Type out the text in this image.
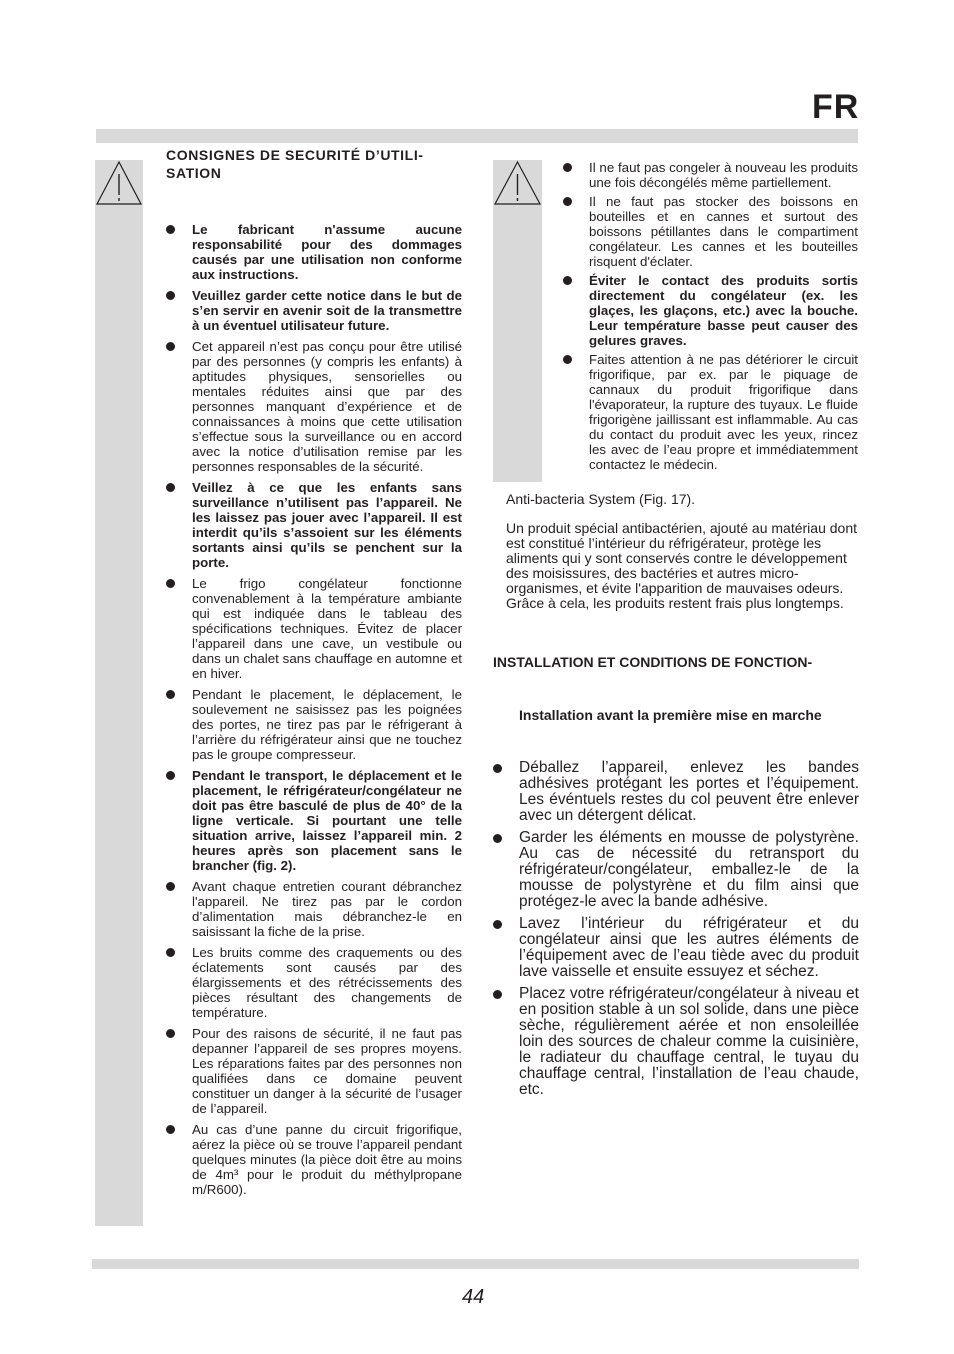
FR
CONSIGNES DE SECURITÉ D’UTILI-SATION
Le fabricant n'assume aucune responsabilité pour des dommages causés par une utilisation non conforme aux instructions.
Veuillez garder cette notice dans le but de s’en servir en avenir soit de la transmettre à un éventuel utilisateur future.
Cet appareil n’est pas conçu pour être utilisé par des personnes (y compris les enfants) à aptitudes physiques, sensorielles ou mentales réduites ainsi que par des personnes manquant d’expérience et de connaissances à moins que cette utilisation s’effectue sous la surveillance ou en accord avec la notice d’utilisation remise par les personnes responsables de la sécurité.
Veillez à ce que les enfants sans surveillance n’utilisent pas l’appareil. Ne les laissez pas jouer avec l’appareil. Il est interdit qu’ils s’assoient sur les éléments sortants ainsi qu’ils se penchent sur la porte.
Le frigo congélateur fonctionne convenablement à la température ambiante qui est indiquée dans le tableau des spécifications techniques. Évitez de placer l’appareil dans une cave, un vestibule ou dans un chalet sans chauffage en automne et en hiver.
Pendant le placement, le déplacement, le soulevement ne saisissez pas les poignées des portes, ne tirez pas par le réfrigerant à l’arrière du réfrigérateur ainsi que ne touchez pas le groupe compresseur.
Pendant le transport, le déplacement et le placement, le réfrigérateur/congélateur ne doit pas être basculé de plus de 40° de la ligne verticale. Si pourtant une telle situation arrive, laissez l’appareil min. 2 heures après son placement sans le brancher (fig. 2).
Avant chaque entretien courant débranchez l'appareil. Ne tirez pas par le cordon d’alimentation mais débranchez-le en saisissant la fiche de la prise.
Les bruits comme des craquements ou des éclatements sont causés par des élargissements et des rétrécissements des pièces résultant des changements de température.
Pour des raisons de sécurité, il ne faut pas depanner l’appareil de ses propres moyens. Les réparations faites par des personnes non qualifiées dans ce domaine peuvent constituer un danger à la sécurité de l’usager de l’appareil.
Au cas d’une panne du circuit frigorifique, aérez la pièce où se trouve l’appareil pendant quelques minutes (la pièce doit être au moins de 4m³ pour le produit du méthylpropane m/R600).
Il ne faut pas congeler à nouveau les produits une fois décongélés même partiellement.
Il ne faut pas stocker des boissons en bouteilles et en cannes et surtout des boissons pétillantes dans le compartiment congélateur. Les cannes et les bouteilles risquent d'éclater.
Éviter le contact des produits sortis directement du congélateur (ex. les glaçes, les glaçons, etc.) avec la bouche. Leur température basse peut causer des gelures graves.
Faites attention à ne pas détériorer le circuit frigorifique, par ex. par le piquage de cannaux du produit frigorifique dans l'évaporateur, la rupture des tuyaux. Le fluide frigorigène jaillissant est inflammable. Au cas du contact du produit avec les yeux, rincez les avec de l’eau propre et immédiatemment contactez le médecin.
Anti-bacteria System (Fig. 17).
Un produit spécial antibactérien, ajouté au matériau dont est constitué l’intérieur du réfrigérateur, protège les aliments qui y sont conservés contre le développement des moisissures, des bactéries et autres micro-organismes, et évite l'apparition de mauvaises odeurs. Grâce à cela, les produits restent frais plus longtemps.
INSTALLATION ET CONDITIONS DE FONCTION-
Installation avant la première mise en marche
Déballez l’appareil, enlevez les bandes adhésives protégant les portes et l’équipement. Les événtuels restes du col peuvent être enlever avec un détergent délicat.
Garder les éléments en mousse de polystyrène. Au cas de nécessité du retransport du réfrigérateur/congélateur, emballez-le de la mousse de polystyrène et du film ainsi que protégez-le avec la bande adhésive.
Lavez l’intérieur du réfrigérateur et du congélateur ainsi que les autres éléments de l’équipement avec de l’eau tiède avec du produit lave vaisselle et ensuite essuyez et séchez.
Placez votre réfrigérateur/congélateur à niveau et en position stable à un sol solide, dans une pièce sèche, régulièrement aérée et non ensoleillée loin des sources de chaleur comme la cuisinière, le radiateur du chauffage central, le tuyau du chauffage central, l’installation de l’eau chaude, etc.
44
